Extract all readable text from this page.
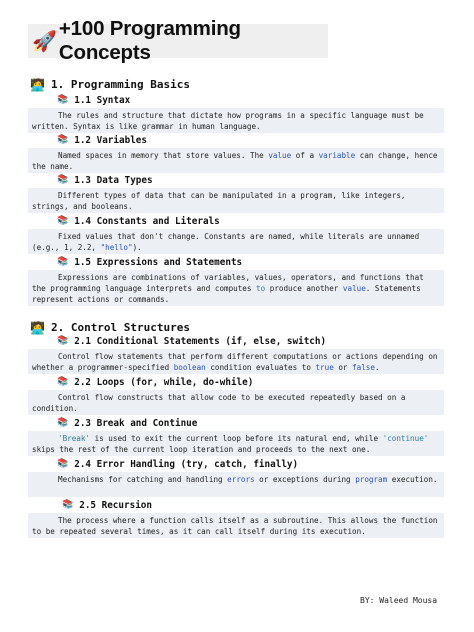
🚀
+100 Programming Concepts
🧑‍💻 1. Programming Basics
📚 1.1 Syntax
The rules and structure that dictate how programs in a specific language must be written. Syntax is like grammar in human language.
📚 1.2 Variables
Named spaces in memory that store values. The value of a variable can change, hence the name.
📚 1.3 Data Types
Different types of data that can be manipulated in a program, like integers, strings, and booleans.
📚 1.4 Constants and Literals
Fixed values that don't change. Constants are named, while literals are unnamed (e.g., 1, 2.2, "hello").
📚 1.5 Expressions and Statements
Expressions are combinations of variables, values, operators, and functions that the programming language interprets and computes to produce another value. Statements represent actions or commands.
🧑‍💻 2. Control Structures
📚 2.1 Conditional Statements (if, else, switch)
Control flow statements that perform different computations or actions depending on whether a programmer-specified boolean condition evaluates to true or false.
📚 2.2 Loops (for, while, do-while)
Control flow constructs that allow code to be executed repeatedly based on a condition.
📚 2.3 Break and Continue
'Break' is used to exit the current loop before its natural end, while 'continue' skips the rest of the current loop iteration and proceeds to the next one.
📚 2.4 Error Handling (try, catch, finally)
Mechanisms for catching and handling errors or exceptions during program execution.
📚 2.5 Recursion
The process where a function calls itself as a subroutine. This allows the function to be repeated several times, as it can call itself during its execution.
BY: Waleed Mousa
